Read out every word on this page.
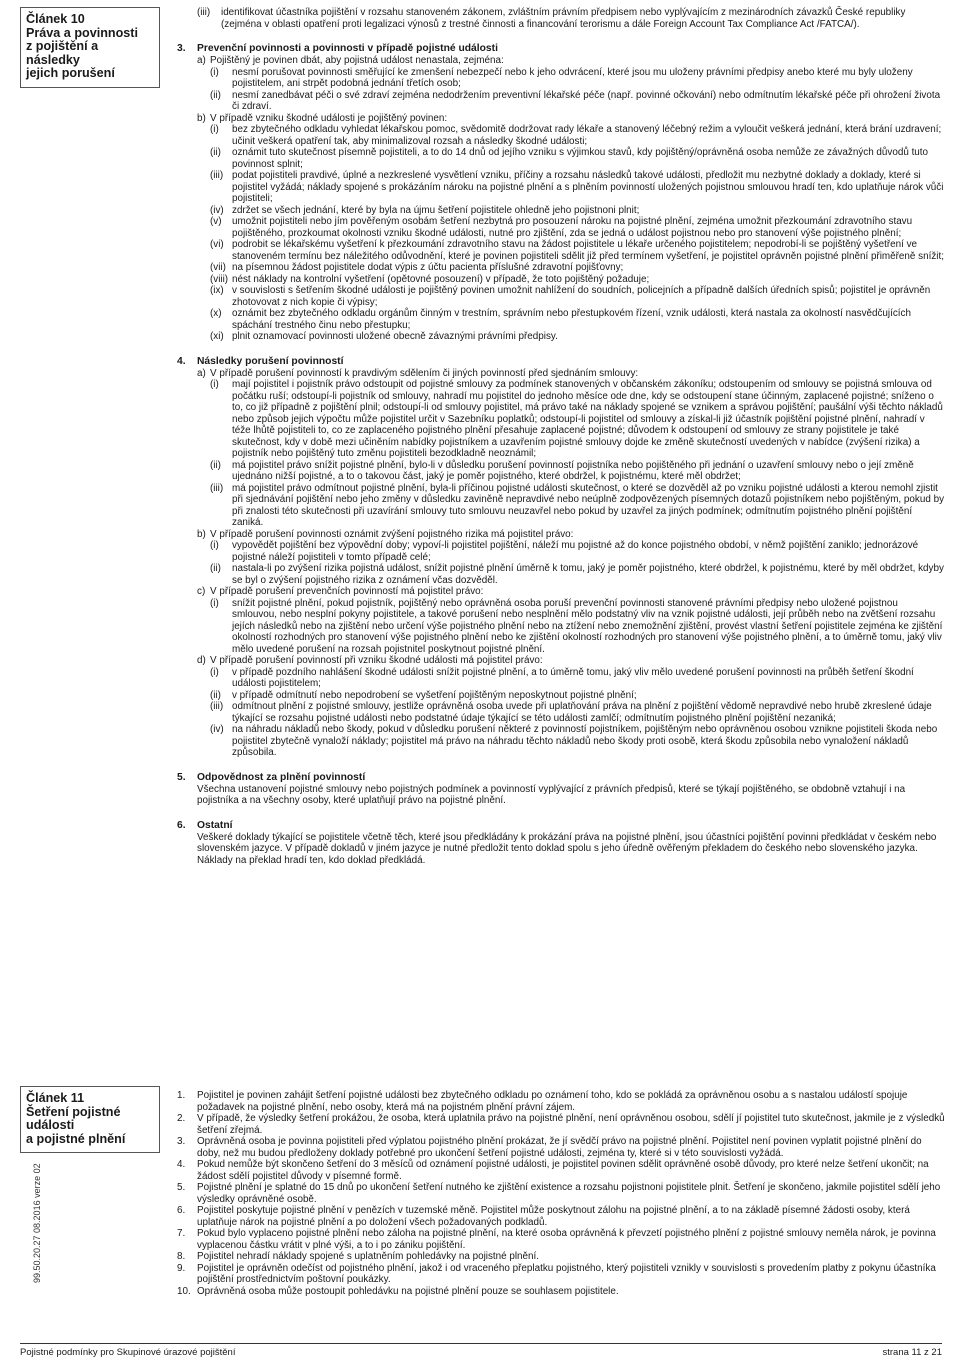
Článek 10
Práva a povinnosti
z pojištění a následky
jejich porušení
(iii)	identifikovat účastníka pojištění v rozsahu stanoveném zákonem, zvláštním právním předpisem nebo vyplývajícím z mezinárodních závazků České republiky (zejména v oblasti opatření proti legalizaci výnosů z trestné činnosti a financování terorismu a dále Foreign Account Tax Compliance Act /FATCA/).
3. Prevenční povinnosti a povinnosti v případě pojistné události
a) Pojištěný je povinen dbát, aby pojistná událost nenastala, zejména:
(i)	nesmí porušovat povinnosti směřující ke zmenšení nebezpečí nebo k jeho odvrácení, které jsou mu uloženy právními předpisy anebo které mu byly uloženy pojistitelem, ani strpět podobná jednání třetích osob;
(ii)	nesmí zanedbávat péči o své zdraví zejména nedodržením preventivní lékařské péče (např. povinné očkování) nebo odmítnutím lékařské péče při ohrožení života či zdraví.
b) V případě vzniku škodné události je pojištěný povinen:
(i)	bez zbytečného odkladu vyhledat lékařskou pomoc, svědomitě dodržovat rady lékaře a stanovený léčebný režim a vyloučit veškerá jednání, která brání uzdravení; učinit veškerá opatření tak, aby minimalizoval rozsah a následky škodné události;
(ii)	oznámit tuto skutečnost písemně pojistiteli, a to do 14 dnů od jejího vzniku s výjimkou stavů, kdy pojištěný/oprávněná osoba nemůže ze závažných důvodů tuto povinnost splnit;
(iii) podat pojistiteli pravdivé, úplné a nezkreslené vysvětlení vzniku, příčiny a rozsahu následků takové události, předložit mu nezbytné doklady a doklady, které si pojistitel vyžádá; náklady spojené s prokázáním nároku na pojistné plnění a s plněním povinností uložených pojistnou smlouvou hradí ten, kdo uplatňuje nárok vůči pojistiteli;
(iv) zdržet se všech jednání, které by byla na újmu šetření pojistitele ohledně jeho pojistnoni plnit;
(v)	umožnit pojistiteli nebo jím pověřeným osobám šetření nezbytná pro posouzení nároku na pojistné plnění, zejména umožnit přezkoumání zdravotního stavu pojištěného, prozkoumat okolnosti vzniku škodné události, nutné pro zjištění, zda se jedná o událost pojistnou nebo pro stanovení výše pojistného plnění;
(vi) podrobit se lékařskému vyšetření k přezkoumání zdravotního stavu na žádost pojistitele u lékaře určeného pojistitelem; nepodrobí-li se pojištěný vyšetření ve stanoveném termínu bez náležitého odůvodnění, které je povinen pojistiteli sdělit již před termínem vyšetření, je pojistitel oprávněn pojistné plnění přiměřeně snížit;
(vii) na písemnou žádost pojistitele dodat výpis z účtu pacienta příslušné zdravotní pojišťovny;
(viii) nést náklady na kontrolní vyšetření (opětovné posouzení) v případě, že toto pojištěný požaduje;
(ix) v souvislosti s šetřením škodné události je pojištěný povinen umožnit nahlížení do soudních, policejních a případně dalších úředních spisů; pojistitel je oprávněn zhotovovat z nich kopie či výpisy;
(x)	oznámit bez zbytečného odkladu orgánům činným v trestním, správním nebo přestupkovém řízení, vznik události, která nastala za okolností nasvědčujících spáchání trestného činu nebo přestupku;
(xi) plnit oznamovací povinnosti uložené obecně závaznými právními předpisy.
4. Následky porušení povinností
a) V případě porušení povinností k pravdivým sdělením či jiných povinností před sjednáním smlouvy:
(i)	mají pojistitel i pojistník právo odstoupit od pojistné smlouvy za podmínek stanovených v občanském zákoníku; odstoupením od smlouvy se pojistná smlouva od počátku ruší; odstoupí-li pojistník od smlouvy, nahradí mu pojistitel do jednoho měsíce ode dne, kdy se odstoupení stane účinným, zaplacené pojistné; sníženo o to, co již případně z pojištění plnil; odstoupí-li od smlouvy pojistitel, má právo také na náklady spojené se vznikem a správou pojištění; paušální výši těchto nákladů nebo způsob jejich výpočtu může pojistitel určit v Sazebníku poplatků; odstoupí-li pojistitel od smlouvy a získal-li již účastník pojištění pojistné plnění, nahradí v téže lhůtě pojistiteli to, co ze zaplaceného pojistného plnění přesahuje zaplacené pojistné; důvodem k odstoupení od smlouvy ze strany pojistitele je také skutečnost, kdy v době mezi učiněním nabídky pojistníkem a uzavřením pojistné smlouvy dojde ke změně skutečností uvedených v nabídce (zvýšení rizika) a pojistník nebo pojištěný tuto změnu pojistiteli bezodkladně neoznámil;
(ii)	má pojistitel právo snížit pojistné plnění, bylo-li v důsledku porušení povinností pojistníka nebo pojištěného při jednání o uzavření smlouvy nebo o její změně ujednáno nižší pojistné, a to o takovou část, jaký je poměr pojistného, které obdržel, k pojistnému, které měl obdržet;
(iii) má pojistitel právo odmítnout pojistné plnění, byla-li příčinou pojistné události skutečnost, o které se dozvěděl až po vzniku pojistné události a kterou nemohl zjistit při sjednávání pojištění nebo jeho změny v důsledku zaviněně nepravdivé nebo neúplně zodpovězených písemných dotazů pojistníkem nebo pojištěným, pokud by při znalosti této skutečnosti při uzavírání smlouvy tuto smlouvu neuzavřel nebo pokud by uzavřel za jiných podmínek; odmítnutím pojistného plnění pojištění zaniká.
b) V případě porušení povinnosti oznámit zvýšení pojistného rizika má pojistitel právo:
(i)	vypovědět pojištění bez výpovědní doby; vypoví-li pojistitel pojištění, náleží mu pojistné až do konce pojistného období, v němž pojištění zaniklo; jednorázové pojistné náleží pojistiteli v tomto případě celé;
(ii)	nastala-li po zvýšení rizika pojistná událost, snížit pojistné plnění úměrně k tomu, jaký je poměr pojistného, které obdržel, k pojistnému, které by měl obdržet, kdyby se byl o zvýšení pojistného rizika z oznámení včas dozvěděl.
c) V případě porušení prevenčních povinností má pojistitel právo:
(i)	snížit pojistné plnění, pokud pojistník, pojištěný nebo oprávněná osoba poruší prevenční povinnosti stanovené právními předpisy nebo uložené pojistnou smlouvou, nebo nesplní pokyny pojistitele, a takové porušení nebo nesplnění mělo podstatný vliv na vznik pojistné události, její průběh nebo na zvětšení rozsahu jejích následků nebo na zjištění nebo určení výše pojistného plnění nebo na ztížení nebo znemožnění zjištění, provést vlastní šetření pojistitele zejména ke zjištění okolností rozhodných pro stanovení výše pojistného plnění nebo ke zjištění okolností rozhodných pro stanovení výše pojistného plnění, a to úměrně tomu, jaký vliv mělo uvedené porušení na rozsah pojistnitel poskytnout pojistné plnění.
d) V případě porušení povinností při vzniku škodné události má pojistitel právo:
(i)	v případě pozdního nahlášení škodné události snížit pojistné plnění, a to úměrně tomu, jaký vliv mělo uvedené porušení povinnosti na průběh šetření škodní události pojistitelem;
(ii)	v případě odmítnutí nebo nepodrobení se vyšetření pojištěným neposkytnout pojistné plnění;
(iii) odmítnout plnění z pojistné smlouvy, jestliže oprávněná osoba uvede při uplatňování práva na plnění z pojištění vědomě nepravdivé nebo hrubě zkreslené údaje týkající se rozsahu pojistné události nebo podstatné údaje týkající se této události zamlčí; odmítnutím pojistného plnění pojištění nezaniká;
(iv) na náhradu nákladů nebo škody, pokud v důsledku porušení některé z povinností pojistníkem, pojištěným nebo oprávněnou osobou vznikne pojistiteli škoda nebo pojistitel zbytečně vynaloží náklady; pojistitel má právo na náhradu těchto nákladů nebo škody proti osobě, která škodu způsobila nebo vynaložení nákladů způsobila.
5. Odpovědnost za plnění povinností
Všechna ustanovení pojistné smlouvy nebo pojistných podmínek a povinností vyplývající z právních předpisů, které se týkají pojištěného, se obdobně vztahují i na pojistníka a na všechny osoby, které uplatňují právo na pojistné plnění.
6. Ostatní
Veškeré doklady týkající se pojistitele včetně těch, které jsou předkládány k prokázání práva na pojistné plnění, jsou účastníci pojištění povinni předkládat v českém nebo slovenském jazyce. V případě dokladů v jiném jazyce je nutné předložit tento doklad spolu s jeho úředně ověřeným překladem do českého nebo slovenského jazyka. Náklady na překlad hradí ten, kdo doklad předkládá.
Článek 11
Šetření pojistné události
a pojistné plnění
1.	Pojistitel je povinen zahájit šetření pojistné události bez zbytečného odkladu po oznámení toho, kdo se pokládá za oprávněnou osobu a s nastalou událostí spojuje požadavek na pojistné plnění, nebo osoby, která má na pojistném plnění právní zájem.
2.	V případě, že výsledky šetření prokážou, že osoba, která uplatnila právo na pojistné plnění, není oprávněnou osobou, sdělí jí pojistitel tuto skutečnost, jakmile je z výsledků šetření zřejmá.
3.	Oprávněná osoba je povinna pojistiteli před výplatou pojistného plnění prokázat, že jí svědčí právo na pojistné plnění. Pojistitel není povinen vyplatit pojistné plnění do doby, než mu budou předloženy doklady potřebné pro ukončení šetření pojistné události, zejména ty, které si v této souvislosti vyžádá.
4.	Pokud nemůže být skončeno šetření do 3 měsíců od oznámení pojistné události, je pojistitel povinen sdělit oprávněné osobě důvody, pro které nelze šetření ukončit; na žádost sdělí pojistitel důvody v písemné formě.
5.	Pojistné plnění je splatné do 15 dnů po ukončení šetření nutného ke zjištění existence a rozsahu pojistnoni pojistitele plnit. Šetření je skončeno, jakmile pojistitel sdělí jeho výsledky oprávněné osobě.
6.	Pojistitel poskytuje pojistné plnění v penězích v tuzemské měně. Pojistitel může poskytnout zálohu na pojistné plnění, a to na základě písemné žádosti osoby, která uplatňuje nárok na pojistné plnění a po doložení všech požadovaných podkladů.
7.	Pokud bylo vyplaceno pojistné plnění nebo záloha na pojistné plnění, na které osoba oprávněná k převzetí pojistného plnění z pojistné smlouvy neměla nárok, je povinna vyplacenou částku vrátit v plné výši, a to i po zániku pojištění.
8.	Pojistitel nehradí náklady spojené s uplatněním pohledávky na pojistné plnění.
9.	Pojistitel je oprávněn odečíst od pojistného plnění, jakož i od vraceného přeplatku pojistného, který pojistiteli vznikly v souvislosti s provedením platby z pokynu účastníka pojištění prostřednictvím poštovní poukázky.
10. Oprávněná osoba může postoupit pohledávku na pojistné plnění pouze se souhlasem pojistitele.
99.50.20.27 08.2016 verze 02
Pojistné podmínky pro Skupinové úrazové pojištění	strana 11 z 21
